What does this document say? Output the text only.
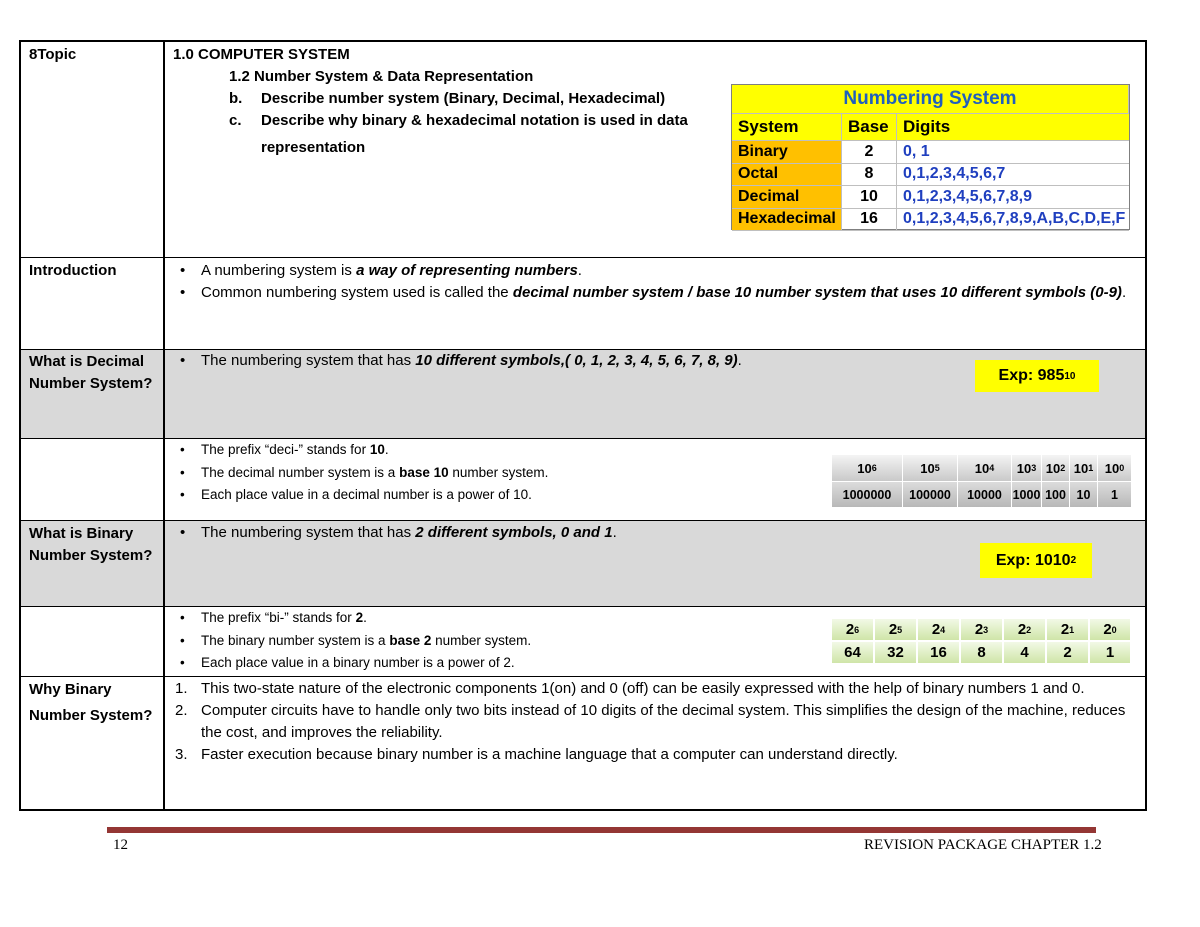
8Topic	1.0 COMPUTER SYSTEM
1.2 Number System & Data Representation
b. Describe number system (Binary, Decimal, Hexadecimal)
c. Describe why binary & hexadecimal notation is used in data
representation
Introduction
•	A numbering system is a way of representing numbers.
• Common numbering system used is called the decimal number system / base 10 number system that uses 10 different symbols (0-9).
What is Decimal Number System?
• The numbering system that has 10 different symbols,( 0, 1, 2, 3, 4, 5, 6, 7, 8, 9).
Exp: 985 10
• The prefix “deci-” stands for 10.
• The decimal number system is a base 10 number system.
• Each place value in a decimal number is a power of 10.
10 6
1000000
10 5
100000
10 4
10000
10 3
1000
10 2
100
10 1
10
10 0
1
What is Binary Number System?
• The numbering system that has 2 different symbols, 0 and 1.
Exp: 1010 2
• The prefix “bi-” stands for 2.
• The binary number system is a base 2 number system.
• Each place value in a binary number is a power of 2.
2 6
64
2 5
32
2 4
16
2 3
8
2 2
4
2 1
2
2 0
1
Why Binary Number System?
1. This two-state nature of the electronic components 1(on) and 0 (off) can be easily expressed with the help of binary numbers 1 and 0.
2. Computer circuits have to handle only two bits instead of 10 digits of the decimal system. This simplifies the design of the machine, reduces the cost, and improves the reliability.
3. Faster execution because binary number is a machine language that a computer can understand directly.
Numbering System
System	Base Digits
Binary	2	0, 1
Octal	8	0,1,2,3,4,5,6,7
Decimal	10	0,1,2,3,4,5,6,7,8,9
Hexadecimal	16	0,1,2,3,4,5,6,7,8,9,A,B,C,D,E,F
12	REVISION PACKAGE CHAPTER 1.2
